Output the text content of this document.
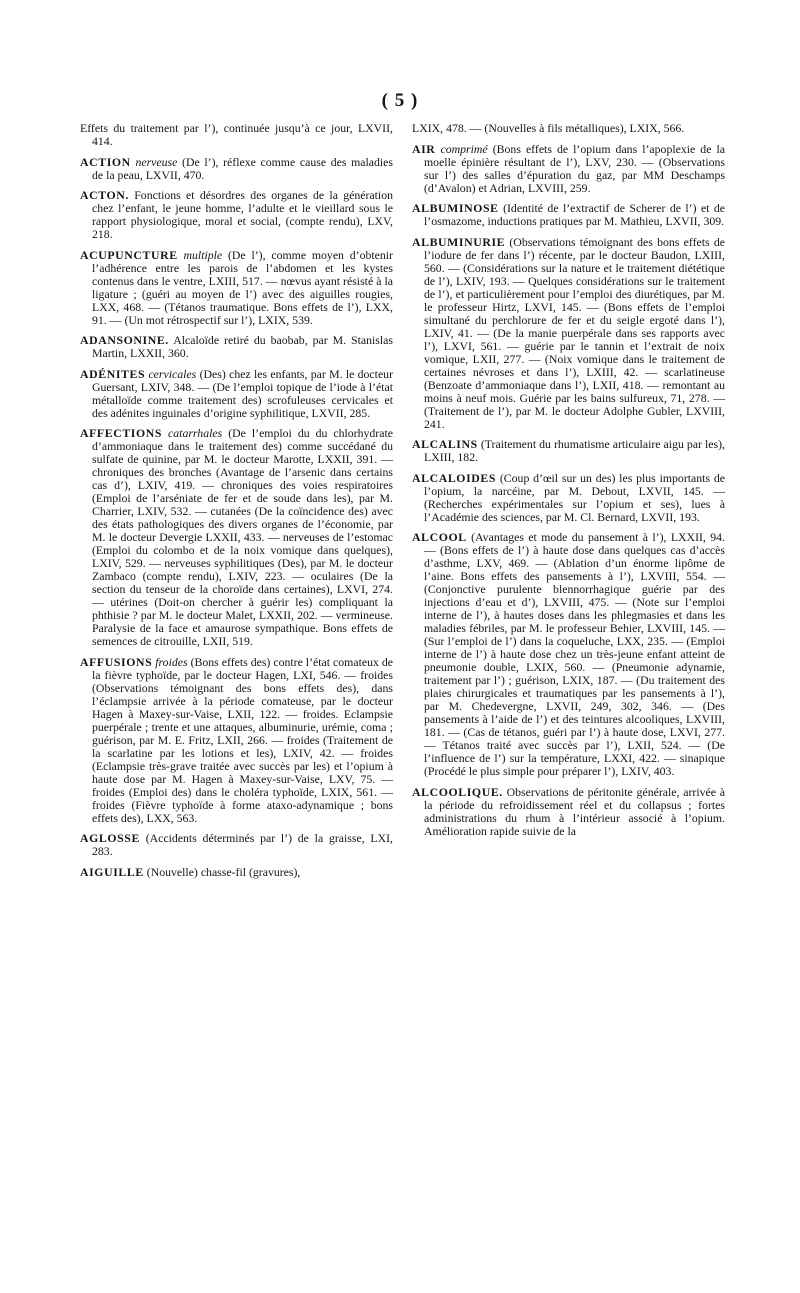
( 5 )

Effets du traitement par l’), continuée jusqu’à ce jour, LXVII, 414.

ACTION nerveuse (De l’), réflexe comme cause des maladies de la peau, LXVII, 470.

ACTON. Fonctions et désordres des organes de la génération chez l’enfant, le jeune homme, l’adulte et le vieillard sous le rapport physiologique, moral et social, (compte rendu), LXV, 218.

ACUPUNCTURE multiple (De l’), comme moyen d’obtenir l’adhérence entre les parois de l’abdomen et les kystes contenus dans le ventre, LXIII, 517. — nœvus ayant résisté à la ligature ; (guéri au moyen de l’) avec des aiguilles rougies, LXX, 468. — (Tétanos traumatique. Bons effets de l’), LXX, 91. — (Un mot rétrospectif sur l’), LXIX, 539.

ADANSONINE. Alcaloïde retiré du baobab, par M. Stanislas Martin, LXXII, 360.

ADÉNITES cervicales (Des) chez les enfants, par M. le docteur Guersant, LXIV, 348. — (De l’emploi topique de l’iode à l’état métalloïde comme traitement des) scrofuleuses cervicales et des adénites inguinales d’origine syphilitique, LXVII, 285.

AFFECTIONS catarrhales (De l’emploi du du chlorhydrate d’ammoniaque dans le traitement des) comme succédané du sulfate de quinine, par M. le docteur Marotte, LXXII, 391. — chroniques des bronches (Avantage de l’arsenic dans certains cas d’), LXIV, 419. — chroniques des voies respiratoires (Emploi de l’arséniate de fer et de soude dans les), par M. Charrier, LXIV, 532. — cutanées (De la coïncidence des) avec des états pathologiques des divers organes de l’économie, par M. le docteur Devergie LXXII, 433. — nerveuses de l’estomac (Emploi du colombo et de la noix vomique dans quelques), LXIV, 529. — nerveuses syphilitiques (Des), par M. le docteur Zambaco (compte rendu), LXIV, 223. — oculaires (De la section du tenseur de la choroïde dans certaines), LXVI, 274. — utérines (Doit-on chercher à guérir les) compliquant la phthisie ? par M. le docteur Malet, LXXII, 202. — vermineuse. Paralysie de la face et amaurose sympathique. Bons effets de semences de citrouille, LXII, 519.

AFFUSIONS froides (Bons effets des) contre l’état comateux de la fièvre typhoïde, par le docteur Hagen, LXI, 546. — froides (Observations témoignant des bons effets des), dans l’éclampsie arrivée à la période comateuse, par le docteur Hagen à Maxey-sur-Vaise, LXII, 122. — froides. Eclampsie puerpérale ; trente et une attaques, albuminurie, urémie, coma ; guérison, par M. E. Fritz, LXII, 266. — froides (Traitement de la scarlatine par les lotions et les), LXIV, 42. — froides (Eclampsie très-grave traitée avec succès par les) et l’opium à haute dose par M. Hagen à Maxey-sur-Vaise, LXV, 75. — froides (Emploi des) dans le choléra typhoïde, LXIX, 561. — froides (Fièvre typhoïde à forme ataxo-adynamique ; bons effets des), LXX, 563.

AGLOSSE (Accidents déterminés par l’) de la graisse, LXI, 283.

AIGUILLE (Nouvelle) chasse-fil (gravures),

LXIX, 478. — (Nouvelles à fils métalliques), LXIX, 566.

AIR comprimé (Bons effets de l’opium dans l’apoplexie de la moelle épinière résultant de l’), LXV, 230. — (Observations sur l’) des salles d’épuration du gaz, par MM Deschamps (d’Avalon) et Adrian, LXVIII, 259.

ALBUMINOSE (Identité de l’extractif de Scherer de l’) et de l’osmazome, inductions pratiques par M. Mathieu, LXVII, 309.

ALBUMINURIE (Observations témoignant des bons effets de l’iodure de fer dans l’) récente, par le docteur Baudon, LXIII, 560. — (Considérations sur la nature et le traitement diététique de l’), LXIV, 193. — Quelques considérations sur le traitement de l’), et particulièrement pour l’emploi des diurétiques, par M. le professeur Hirtz, LXVI, 145. — (Bons effets de l’emploi simultané du perchlorure de fer et du seigle ergoté dans l’), LXIV, 41. — (De la manie puerpérale dans ses rapports avec l’), LXVI, 561. — guérie par le tannin et l’extrait de noix vomique, LXII, 277. — (Noix vomique dans le traitement de certaines névroses et dans l’), LXIII, 42. — scarlatineuse (Benzoate d’ammoniaque dans l’), LXII, 418. — remontant au moins à neuf mois. Guérie par les bains sulfureux, 71, 278. — (Traitement de l’), par M. le docteur Adolphe Gubler, LXVIII, 241.

ALCALINS (Traitement du rhumatisme articulaire aigu par les), LXIII, 182.

ALCALOIDES (Coup d’œil sur un des) les plus importants de l’opium, la narcéine, par M. Debout, LXVII, 145. — (Recherches expérimentales sur l’opium et ses), lues à l’Académie des sciences, par M. Cl. Bernard, LXVII, 193.

ALCOOL (Avantages et mode du pansement à l’), LXXII, 94. — (Bons effets de l’) à haute dose dans quelques cas d’accès d’asthme, LXV, 469. — (Ablation d’un énorme lipôme de l’aine. Bons effets des pansements à l’), LXVIII, 554. — (Conjonctive purulente blennorrhagique guérie par des injections d’eau et d’), LXVIII, 475. — (Note sur l’emploi interne de l’), à hautes doses dans les phlegmasies et dans les maladies fébriles, par M. le professeur Behier, LXVIII, 145. — (Sur l’emploi de l’) dans la coqueluche, LXX, 235. — (Emploi interne de l’) à haute dose chez un très-jeune enfant atteint de pneumonie double, LXIX, 560. — (Pneumonie adynamie, traitement par l’) ; guérison, LXIX, 187. — (Du traitement des plaies chirurgicales et traumatiques par les pansements à l’), par M. Chedevergne, LXVII, 249, 302, 346. — (Des pansements à l’aide de l’) et des teintures alcooliques, LXVIII, 181. — (Cas de tétanos, guéri par l’) à haute dose, LXVI, 277. — Tétanos traité avec succès par l’), LXII, 524. — (De l’influence de l’) sur la température, LXXI, 422. — sinapique (Procédé le plus simple pour préparer l’), LXIV, 403.

ALCOOLIQUE. Observations de péritonite générale, arrivée à la période du refroidissement réel et du collapsus ; fortes administrations du rhum à l’intérieur associé à l’opium. Amélioration rapide suivie de la
